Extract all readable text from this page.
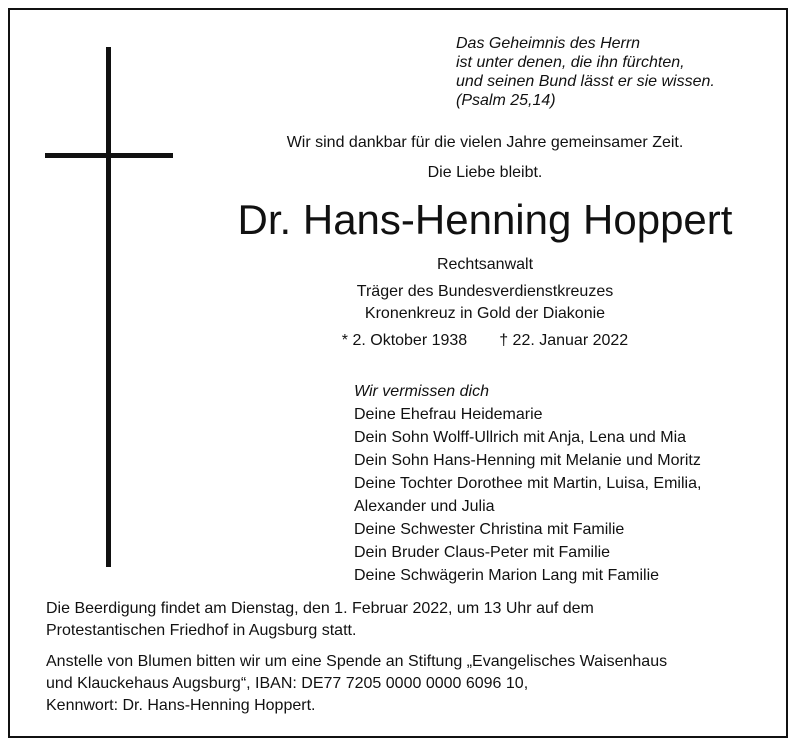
Das Geheimnis des Herrn
ist unter denen, die ihn fürchten,
und seinen Bund lässt er sie wissen.
(Psalm 25,14)
Wir sind dankbar für die vielen Jahre gemeinsamer Zeit.
Die Liebe bleibt.
Dr. Hans-Henning Hoppert
Rechtsanwalt
Träger des Bundesverdienstkreuzes
Kronenkreuz in Gold der Diakonie
* 2. Oktober 1938 † 22. Januar 2022
Wir vermissen dich
Deine Ehefrau Heidemarie
Dein Sohn Wolff-Ullrich mit Anja, Lena und Mia
Dein Sohn Hans-Henning mit Melanie und Moritz
Deine Tochter Dorothee mit Martin, Luisa, Emilia,
Alexander und Julia
Deine Schwester Christina mit Familie
Dein Bruder Claus-Peter mit Familie
Deine Schwägerin Marion Lang mit Familie
Die Beerdigung findet am Dienstag, den 1. Februar 2022, um 13 Uhr auf dem
Protestantischen Friedhof in Augsburg statt.
Anstelle von Blumen bitten wir um eine Spende an Stiftung „Evangelisches Waisenhaus
und Klauckehaus Augsburg“, IBAN: DE77 7205 0000 0000 6096 10,
Kennwort: Dr. Hans-Henning Hoppert.
